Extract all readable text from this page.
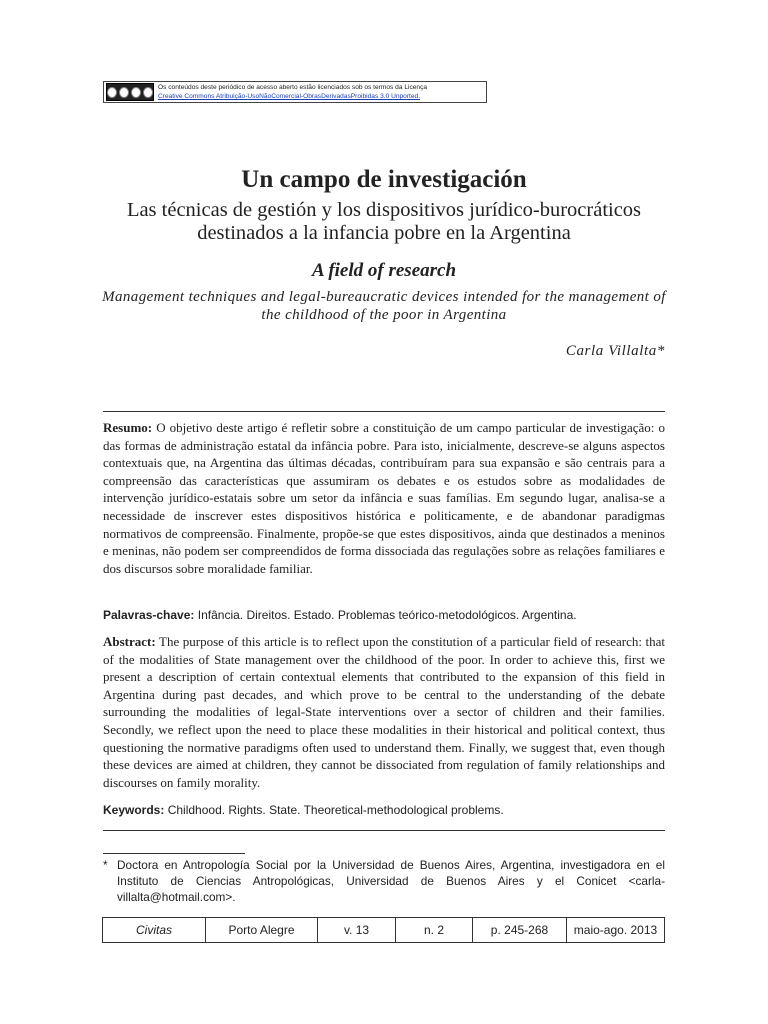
Os conteúdos deste periódico de acesso aberto estão licenciados sob os termos da Licença
Creative Commons Atribuição-UsoNãoComercial-ObrasDerivadasProibidas 3.0 Unported.
Un campo de investigación
Las técnicas de gestión y los dispositivos jurídico-burocráticos destinados a la infancia pobre en la Argentina
A field of research
Management techniques and legal-bureaucratic devices intended for the management of the childhood of the poor in Argentina
Carla Villalta*
Resumo: O objetivo deste artigo é refletir sobre a constituição de um campo particular de investigação: o das formas de administração estatal da infância pobre. Para isto, inicialmente, descreve-se alguns aspectos contextuais que, na Argentina das últimas décadas, contribuíram para sua expansão e são centrais para a compreensão das características que assumiram os debates e os estudos sobre as modalidades de intervenção jurídico-estatais sobre um setor da infância e suas famílias. Em segundo lugar, analisa-se a necessidade de inscrever estes dispositivos histórica e politicamente, e de abandonar paradigmas normativos de compreensão. Finalmente, propõe-se que estes dispositivos, ainda que destinados a meninos e meninas, não podem ser compreendidos de forma dissociada das regulações sobre as relações familiares e dos discursos sobre moralidade familiar.
Palavras-chave: Infância. Direitos. Estado. Problemas teórico-metodológicos. Argentina.
Abstract: The purpose of this article is to reflect upon the constitution of a particular field of research: that of the modalities of State management over the childhood of the poor. In order to achieve this, first we present a description of certain contextual elements that contributed to the expansion of this field in Argentina during past decades, and which prove to be central to the understanding of the debate surrounding the modalities of legal-State interventions over a sector of children and their families. Secondly, we reflect upon the need to place these modalities in their historical and political context, thus questioning the normative paradigms often used to understand them. Finally, we suggest that, even though these devices are aimed at children, they cannot be dissociated from regulation of family relationships and discourses on family morality.
Keywords: Childhood. Rights. State. Theoretical-methodological problems.
* Doctora en Antropología Social por la Universidad de Buenos Aires, Argentina, investigadora en el Instituto de Ciencias Antropológicas, Universidad de Buenos Aires y el Conicet <carla-villalta@hotmail.com>.
Civitas	Porto Alegre	v. 13	n. 2	p. 245-268	maio-ago. 2013
